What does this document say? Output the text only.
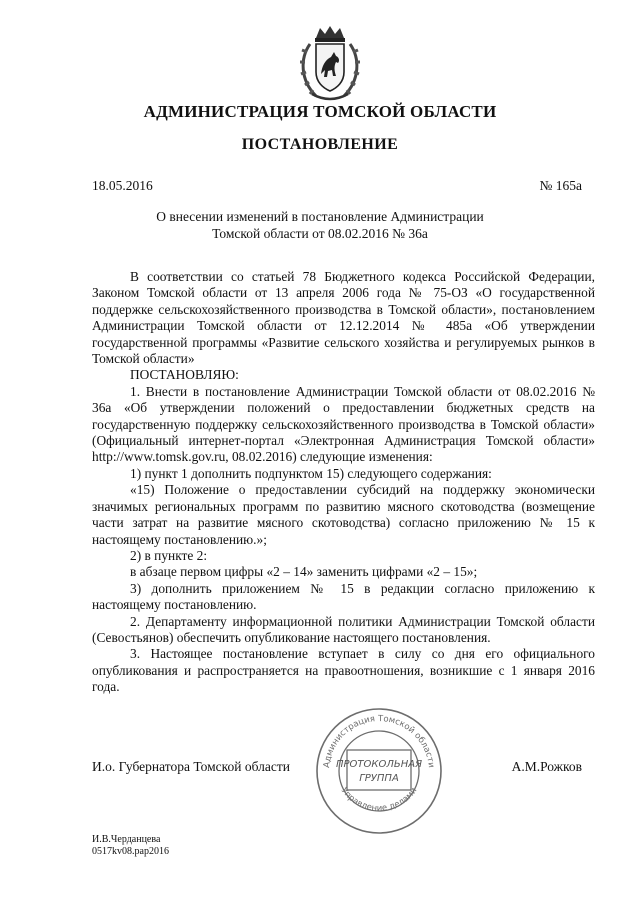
АДМИНИСТРАЦИЯ ТОМСКОЙ ОБЛАСТИ
ПОСТАНОВЛЕНИЕ
18.05.2016	№ 165а
О внесении изменений в постановление Администрации
Томской области от 08.02.2016 № 36а

В соответствии со статьей 78 Бюджетного кодекса Российской Федерации, Законом Томской области от 13 апреля 2006 года № 75-ОЗ «О государственной поддержке сельскохозяйственного производства в Томской области», постановлением Администрации Томской области от 12.12.2014 № 485а «Об утверждении государственной программы «Развитие сельского хозяйства и регулируемых рынков в Томской области»

ПОСТАНОВЛЯЮ:

1. Внести в постановление Администрации Томской области от 08.02.2016 № 36а «Об утверждении положений о предоставлении бюджетных средств на государственную поддержку сельскохозяйственного производства в Томской области» (Официальный интернет-портал «Электронная Администрация Томской области» http://www.tomsk.gov.ru, 08.02.2016) следующие изменения:

1) пункт 1 дополнить подпунктом 15) следующего содержания:

«15) Положение о предоставлении субсидий на поддержку экономически значимых региональных программ по развитию мясного скотоводства (возмещение части затрат на развитие мясного скотоводства) согласно приложению № 15 к настоящему постановлению.»;

2) в пункте 2:

в абзаце первом цифры «2 – 14» заменить цифрами «2 – 15»;

3) дополнить приложением № 15 в редакции согласно приложению к настоящему постановлению.

2. Департаменту информационной политики Администрации Томской области (Севостьянов) обеспечить опубликование настоящего постановления.

3. Настоящее постановление вступает в силу со дня его официального опубликования и распространяется на правоотношения, возникшие с 1 января 2016 года.

Администрация Томской области
Управление делами
ПРОТОКОЛЬНАЯ
ГРУППА
И.о. Губернатора Томской области	А.М.Рожков
И.В.Черданцева
0517kv08.pap2016
